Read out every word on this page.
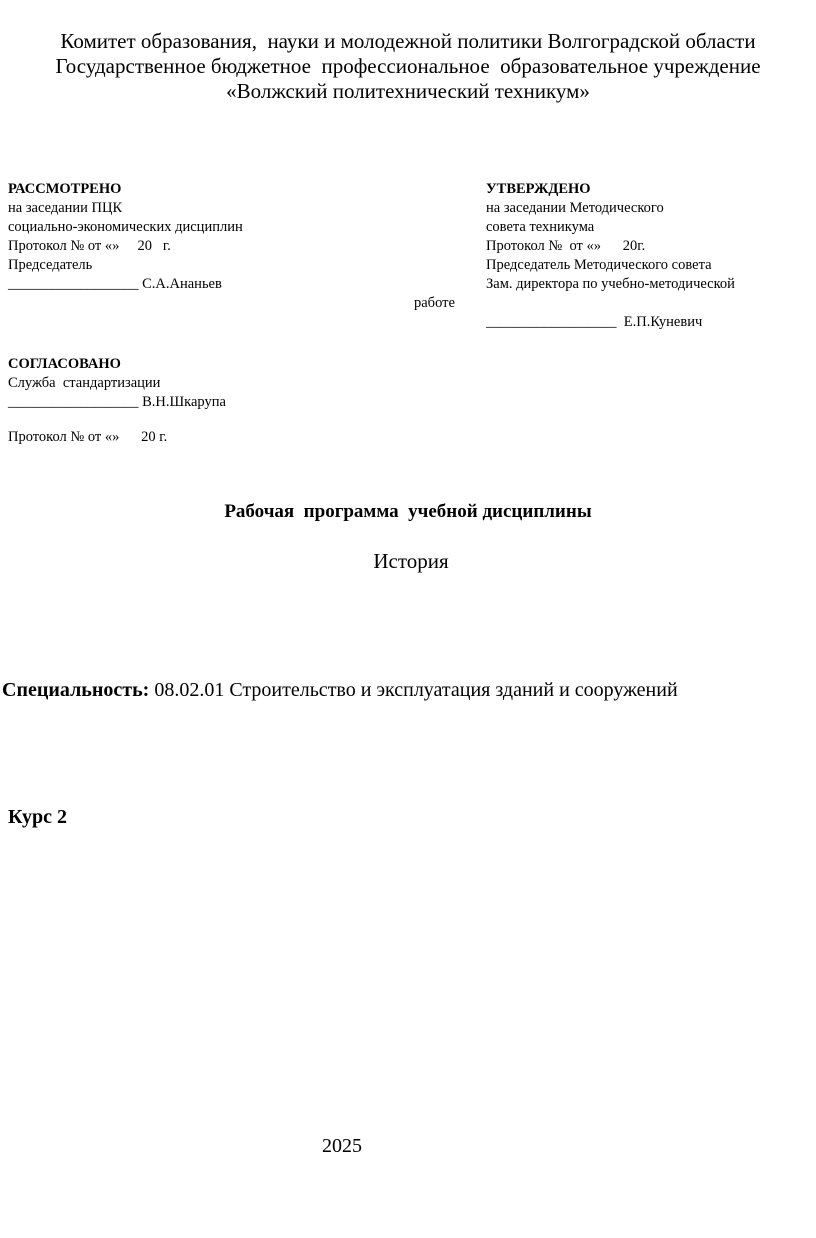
Комитет образования,  науки и молодежной политики Волгоградской области
Государственное бюджетное  профессиональное  образовательное учреждение
«Волжский политехнический техникум»
РАССМОТРЕНО
на заседании ПЦК
социально-экономических дисциплин
Протокол № от «»     20   г.
Председатель
__________________ С.А.Ананьев
УТВЕРЖДЕНО
на заседании Методического
совета техникума
Протокол №  от «»      20г.
Председатель Методического совета
Зам. директора по учебно-методической
работе
__________________  Е.П.Куневич
СОГЛАСОВАНО
Служба  стандартизации
__________________ В.Н.Шкарупа
Протокол № от «»      20 г.
Рабочая  программа  учебной дисциплины
История
Специальность: 08.02.01 Строительство и эксплуатация зданий и сооружений
Курс 2
2025
